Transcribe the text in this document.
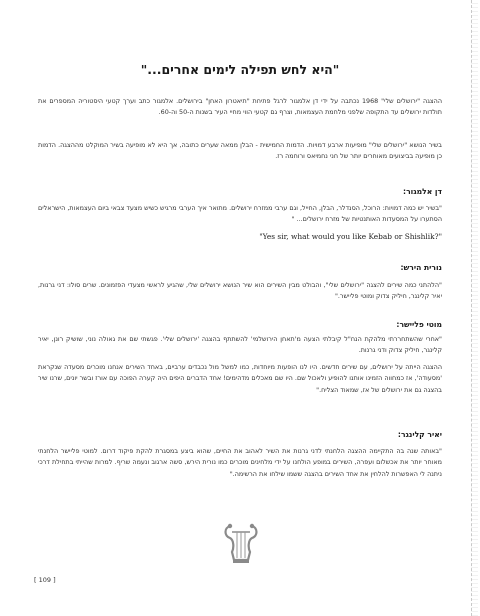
"היא לחש תפילה לימים אחרים..."
ההצגה "ירושלים שלי" 1968 נכתבה על ידי דן אלמגור לרגל פתיחת "תיאטרון האחן" בירושלים. אלמגור כתב וערך קטעי היסטוריה המספרים את תולדות ירושלים עד התקופה שלפני מלחמת העצמאות, וצרף גם קטעי הווי מחיי העיר בשנות ה-50 וה-60.
בשיר הנושא "ירושלים שלי" מופיעות ארבע דמויות. הדמות החמישית - הבלן ממאה שערים כתובה, אך היא לא מופיעה בשיר המוקלט מההצגה. הדמות כן מופיעה בביצועים מאוחרים יותר של חני נחמיאס ורוחמה רז.
דן אלמגור:
"בשיר יש כמה דמויות: הרוכל, הסנדלר, הבלן, החייל, וגם ערבי ממזרח ירושלים. מתואר איך הערבי מרגיש כשיש מצעד צבאי ביום העצמאות, הישראלים הסתערו על המסעדות האותנטיות של מזרח ירושלים... "
"Yes sir, what would you like Kebab or Shishlik?"
נורית הירש:
"הלהתני כמה שירים להצגה "ירושלים שלי", והבולט מבין השירים הוא שיר הנושא ירושלים שלי, שהגיע לראשי מצעדי הפזמונים. שרים סולו: דני גרנות, יאיר קלינגר, חיליק צדוק ומוטי פליישר."
מוטי פליישר:
"אחרי שהשתחררתי מלהקת הנח"ל קיבלתי הצעה מ'תאחן הירושלמי' להשתתף בהצגה 'ירושלים שלי'. פגשתי שם את גאולה נוני, שושיק רונן, יאיר קלינגר, חיליק צדוק ודני גרנות.
ההצגה הייתה על ירושלים, עם שירים חדשים. היו לנו הופעות מיוחדות, כמו למשל מול נכבדים ערביים, באחד השירים אנחנו מוכרים מסעדה שנקראת 'מסעודה', אז כמחווה הזמינו אותנו להופיע ולאכול שם. היו שם מאכלים מדהימים! אחד הדברים היפים היה קערה הפוכה עם אורז ובשר יונים, שרנו שיר בהצגה גם את ירושלים של אז, שמאוד הצליח."
יאיר קלינגר:
"באותה שנה בה התקיימה ההצגה הלחנתי לדני גרנות את השיר לאהוב את החיים, שהוא ביצע במסגרת להקת פיקוד דרום. למוטי פליישר הלחנתי מאוחר יותר את אכשלום ועפרה, השירים במופע הולחנו על ידי מלחינים מוכרים כמו נורית הירש, סשה ארגוב ונעמה שריף. למרות שהייתי בתחילת דרכי ניתנה לי האפשרות להלחין את אחד השירים בהצגה ששמו שילחו את הרשימה."
[ 109 ]
